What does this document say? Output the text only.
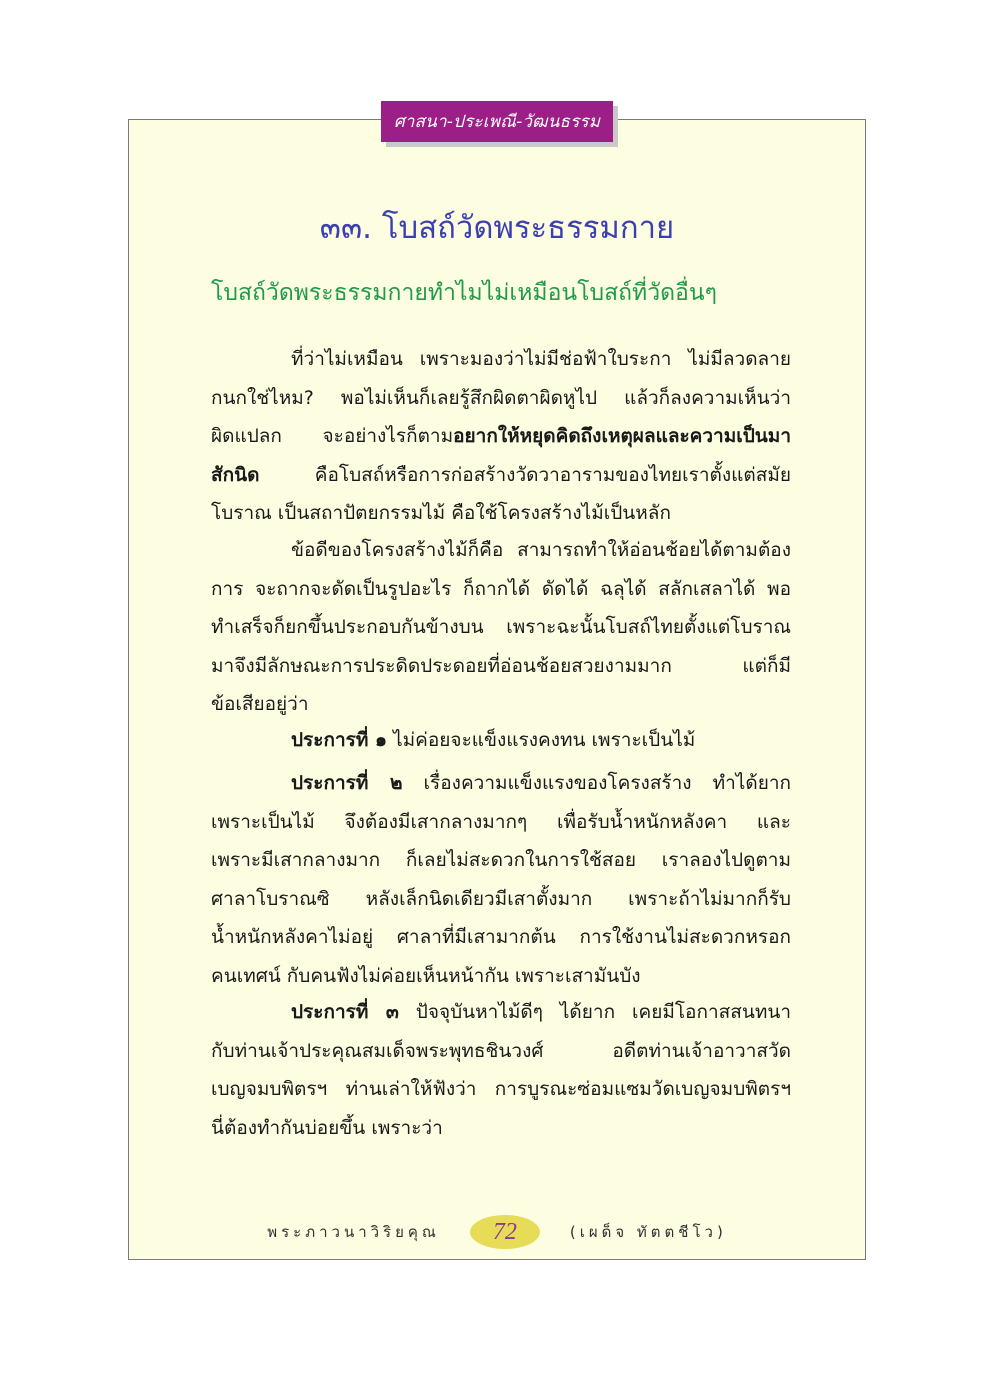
ศาสนา-ประเพณี-วัฒนธรรม
๓๓. โบสถ์วัดพระธรรมกาย
โบสถ์วัดพระธรรมกายทำไมไม่เหมือนโบสถ์ที่วัดอื่นๆ
ที่ว่าไม่เหมือน เพราะมองว่าไม่มีช่อฟ้าใบระกา ไม่มีลวดลาย
กนกใช่ไหม? พอไม่เห็นก็เลยรู้สึกผิดตาผิดหูไป แล้วก็ลงความเห็นว่า
ผิดแปลก จะอย่างไรก็ตามอยากให้หยุดคิดถึงเหตุผลและความเป็นมา
สักนิด คือโบสถ์หรือการก่อสร้างวัดวาอารามของไทยเราตั้งแต่สมัย
โบราณ เป็นสถาปัตยกรรมไม้ คือใช้โครงสร้างไม้เป็นหลัก
ข้อดีของโครงสร้างไม้ก็คือ สามารถทำให้อ่อนช้อยได้ตามต้อง
การ จะถากจะดัดเป็นรูปอะไร ก็ถากได้ ดัดได้ ฉลุได้ สลักเสลาได้ พอ
ทำเสร็จก็ยกขึ้นประกอบกันข้างบน เพราะฉะนั้นโบสถ์ไทยตั้งแต่โบราณ
มาจึงมีลักษณะการประดิดประดอยที่อ่อนช้อยสวยงามมาก แต่ก็มี
ข้อเสียอยู่ว่า
ประการที่ ๑ ไม่ค่อยจะแข็งแรงคงทน เพราะเป็นไม้
ประการที่ ๒ เรื่องความแข็งแรงของโครงสร้าง ทำได้ยาก
เพราะเป็นไม้ จึงต้องมีเสากลางมากๆ เพื่อรับน้ำหนักหลังคา และ
เพราะมีเสากลางมาก ก็เลยไม่สะดวกในการใช้สอย เราลองไปดูตาม
ศาลาโบราณซิ หลังเล็กนิดเดียวมีเสาตั้งมาก เพราะถ้าไม่มากก็รับ
น้ำหนักหลังคาไม่อยู่ ศาลาที่มีเสามากต้น การใช้งานไม่สะดวกหรอก
คนเทศน์ กับคนฟังไม่ค่อยเห็นหน้ากัน เพราะเสามันบัง
ประการที่ ๓ ปัจจุบันหาไม้ดีๆ ได้ยาก เคยมีโอกาสสนทนา
กับท่านเจ้าประคุณสมเด็จพระพุทธชินวงศ์ อดีตท่านเจ้าอาวาสวัด
เบญจมบพิตรฯ ท่านเล่าให้ฟังว่า การบูรณะซ่อมแซมวัดเบญจมบพิตรฯ
นี่ต้องทำกันบ่อยขึ้น เพราะว่า
พระภาวนาวิริยคุณ 72	(เผด็จ ทัตตชีโว)
